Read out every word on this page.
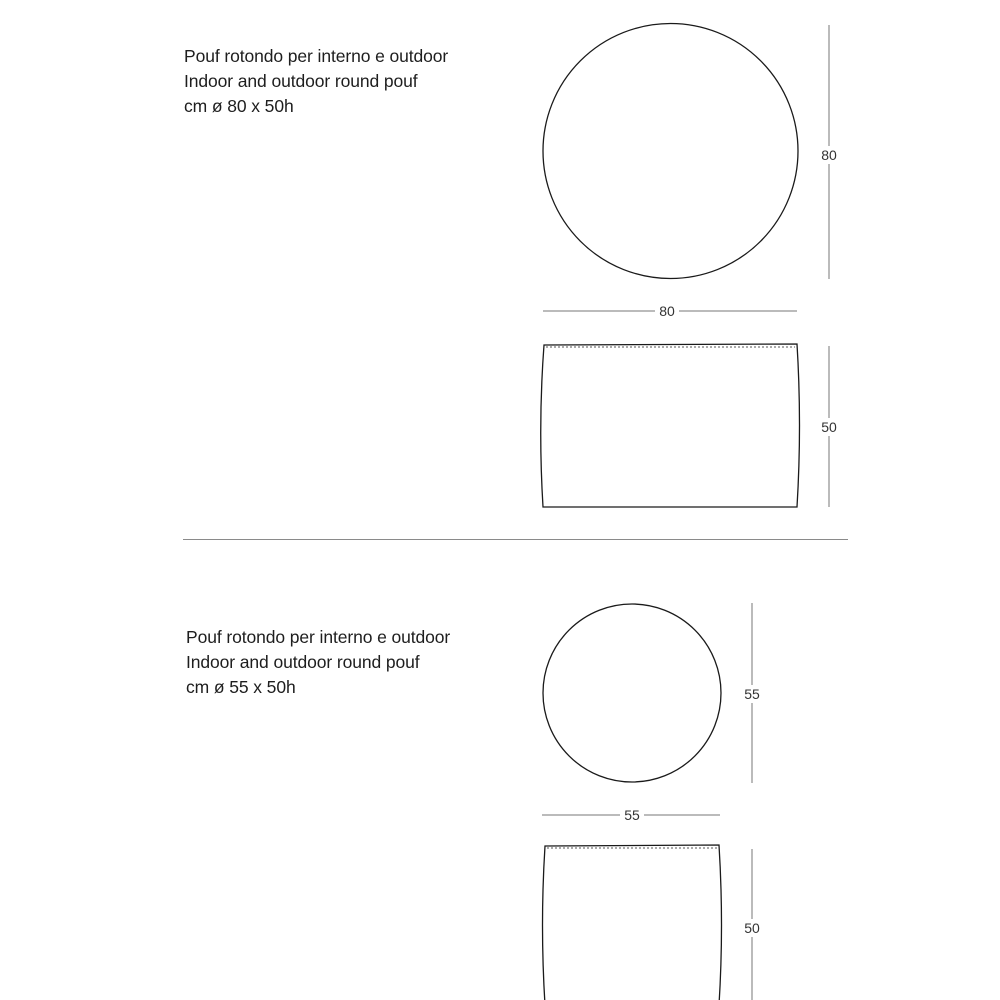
Pouf rotondo per interno e outdoor
Indoor and outdoor round pouf
cm ø 80 x 50h
80
80
50
55
55
50
Pouf rotondo per interno e outdoor
Indoor and outdoor round pouf
cm ø 55 x 50h
